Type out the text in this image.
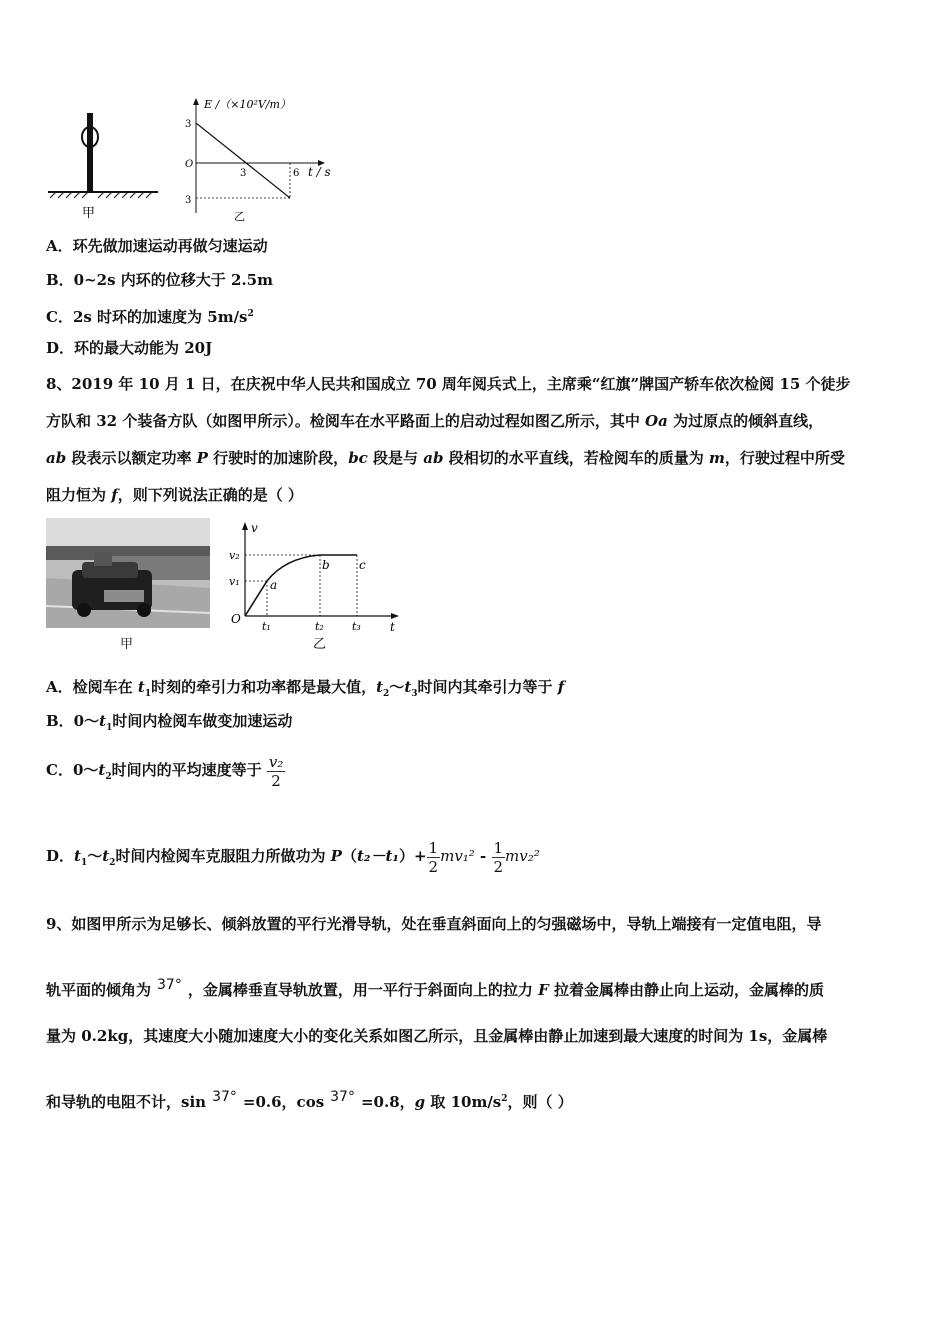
甲
E /（×10²V/m）
3
3
O
3	6 t / s
乙
A．环先做加速运动再做匀速运动
B．0~2s 内环的位移大于 2.5m
C．2s 时环的加速度为 $5m/s^2$
D．环的最大动能为 20J
8、2019 年 10 月 1 日，在庆祝中华人民共和国成立 70 周年阅兵式上，主席乘“红旗”牌国产轿车依次检阅 15 个徒步
方队和 32 个装备方队（如图甲所示）。检阅车在水平路面上的启动过程如图乙所示，其中 Oa 为过原点的倾斜直线，
ab 段表示以额定功率 P 行驶时的加速阶段，bc 段是与 ab 段相切的水平直线，若检阅车的质量为 m，行驶过程中所受
阻力恒为 f，则下列说法正确的是（ ）
甲
v
t
O
v₁
v₂
t₁	t₂	t₃
a
b c
乙
A．检阅车在 $t_1$时刻的牵引力和功率都是最大值，$t_2\sim t_3$时间内其牵引力等于 f
B．$0\sim t_1$时间内检阅车做变加速运动
C．$0\sim t_2$时间内的平均速度等于 $\frac{\text{v₂}}{2}$
D．$t_1\sim t_2$时间内检阅车克服阻力所做功为 $P(t_2-t_1)+ \frac{1}{2} mv_1^2 - \frac{1}{2} mv_2^2$
9、如图甲所示为足够长、倾斜放置的平行光滑导轨，处在垂直斜面向上的匀强磁场中，导轨上端接有一定值电阻，导
轨平面的倾角为 37° ，金属棒垂直导轨放置，用一平行于斜面向上的拉力 F 拉着金属棒由静止向上运动，金属棒的质
量为 0.2kg，其速度大小随加速度大小的变化关系如图乙所示，且金属棒由静止加速到最大速度的时间为 1s，金属棒
和导轨的电阻不计，sin 37° =0.6，cos 37° =0.8，g 取 $10m/s^2$，则（ ）
